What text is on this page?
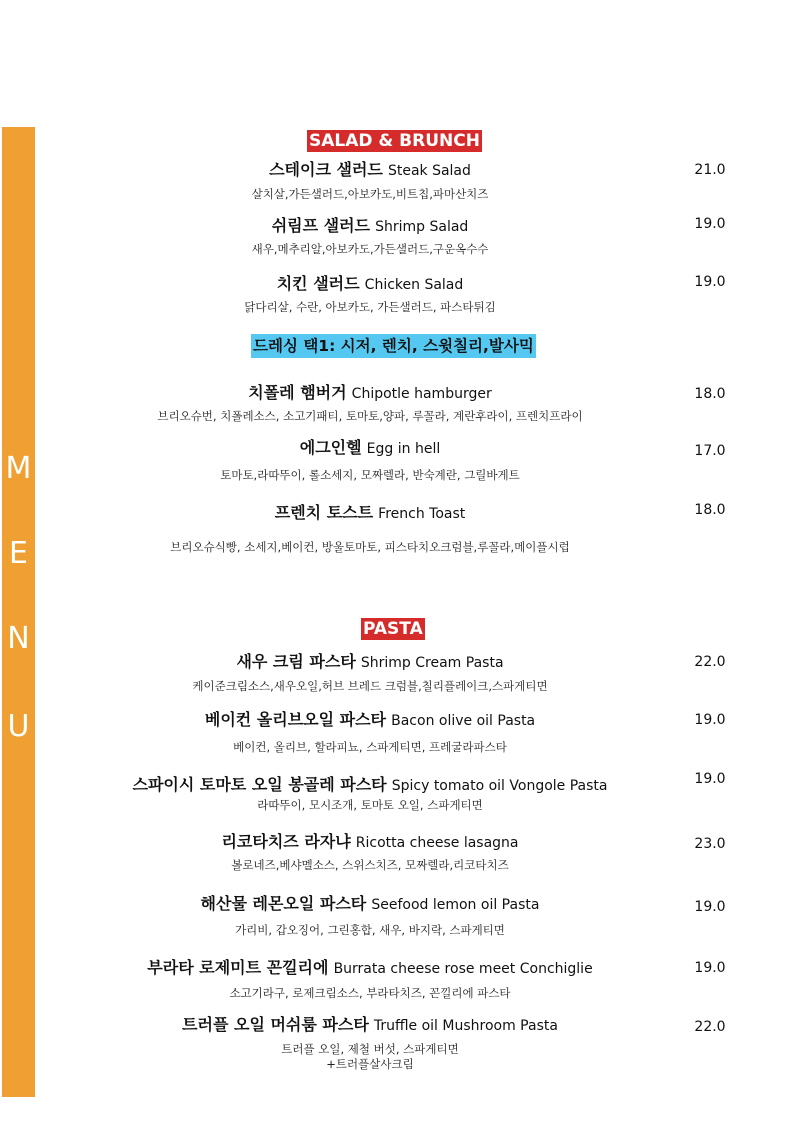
M
E
N
U
SALAD & BRUNCH
드레싱 택1: 시저, 렌치, 스윗칠리,발사믹
PASTA
스테이크 샐러드 Steak Salad
살치살,가든샐러드,아보카도,비트칩,파마산치즈
21.0
쉬림프 샐러드 Shrimp Salad
새우,메추리알,아보카도,가든샐러드,구운옥수수
19.0
치킨 샐러드 Chicken Salad
닭다리살, 수란, 아보카도, 가든샐러드, 파스타튀김
19.0
치폴레 햄버거 Chipotle hamburger
브리오슈번, 치폴레소스, 소고기패티, 토마토,양파, 루꼴라, 계란후라이, 프렌치프라이
18.0
에그인헬 Egg in hell
토마토,라따뚜이, 롤소세지, 모짜렐라, 반숙계란, 그릴바게트
17.0
프렌치 토스트 French Toast
브리오슈식빵, 소세지,베이컨, 방울토마토, 피스타치오크럼블,루꼴라,메이플시럽
18.0
새우 크림 파스타 Shrimp Cream Pasta
케이준크림소스,새우오일,허브 브레드 크럼블,칠리플레이크,스파게티면
22.0
베이컨 올리브오일 파스타 Bacon olive oil Pasta
베이컨, 올리브, 할라피뇨, 스파게티면, 프레굴라파스타
19.0
스파이시 토마토 오일 봉골레 파스타 Spicy tomato oil Vongole Pasta
라따뚜이, 모시조개, 토마토 오일, 스파게티면
19.0
리코타치즈 라자냐 Ricotta cheese lasagna
볼로네즈,베샤멜소스, 스위스치즈, 모짜렐라,리코타치즈
23.0
해산물 레몬오일 파스타 Seefood lemon oil Pasta
가리비, 갑오징어, 그린홍합, 새우, 바지락, 스파게티면
19.0
부라타 로제미트 꼰낄리에 Burrata cheese rose meet Conchiglie
소고기라구, 로제크림소스, 부라타치즈, 꼰낄리에 파스타
19.0
트러플 오일 머쉬룸 파스타 Truffle oil Mushroom Pasta
트러플 오일, 제철 버섯, 스파게티면
+트러플살사크림
22.0
